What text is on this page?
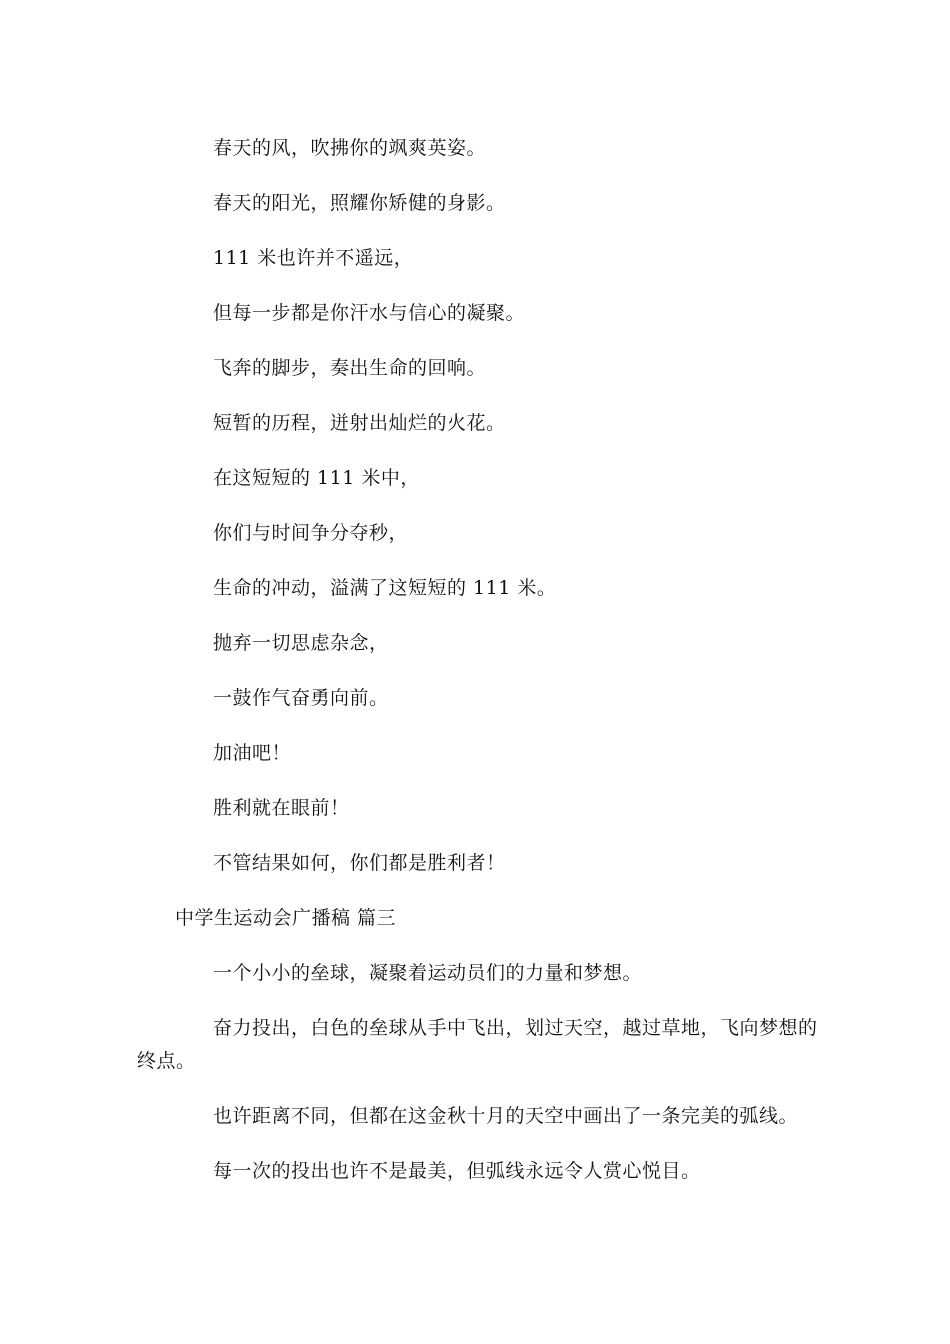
春天的风，吹拂你的飒爽英姿。
春天的阳光，照耀你矫健的身影。
111 米也许并不遥远，
但每一步都是你汗水与信心的凝聚。
飞奔的脚步，奏出生命的回响。
短暂的历程，迸射出灿烂的火花。
在这短短的 111 米中，
你们与时间争分夺秒，
生命的冲动，溢满了这短短的 111 米。
抛弃一切思虑杂念，
一鼓作气奋勇向前。
加油吧！
胜利就在眼前！
不管结果如何，你们都是胜利者！
中学生运动会广播稿 篇三
一个小小的垒球，凝聚着运动员们的力量和梦想。
奋力投出，白色的垒球从手中飞出，划过天空，越过草地，飞向梦想的
终点。
也许距离不同，但都在这金秋十月的天空中画出了一条完美的弧线。
每一次的投出也许不是最美，但弧线永远令人赏心悦目。
